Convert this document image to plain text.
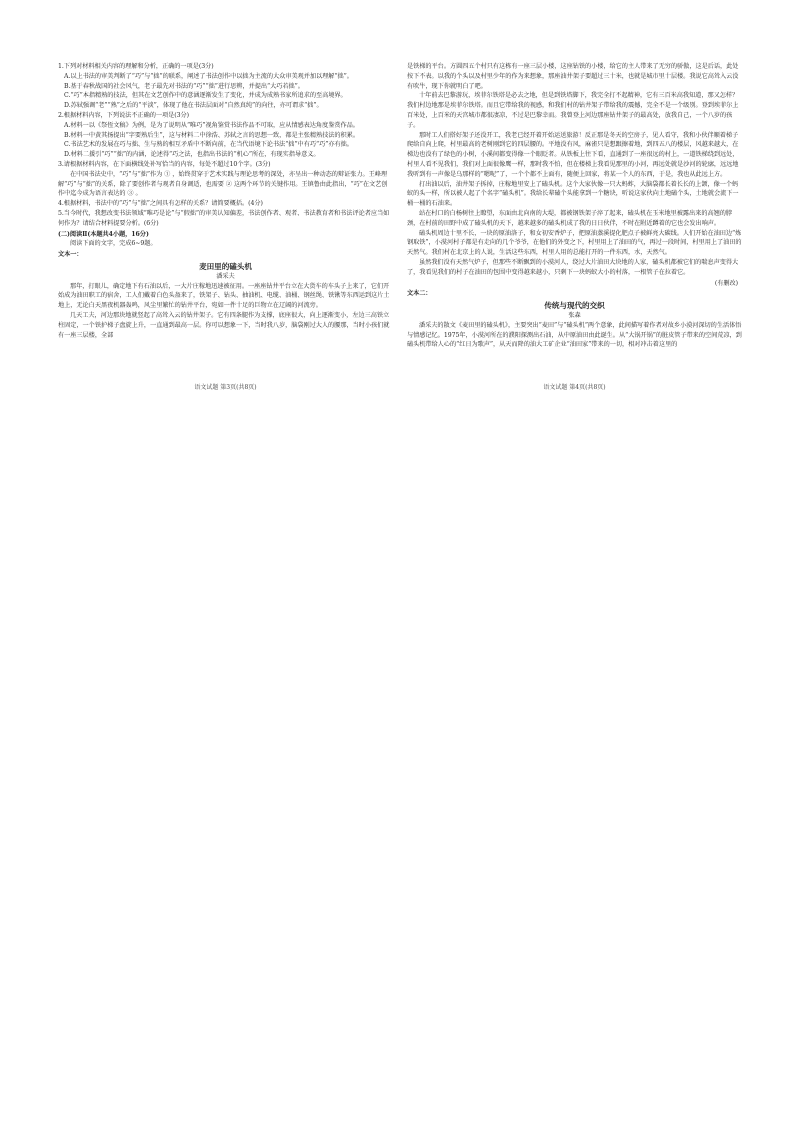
1.下列对材料相关内容的理解和分析，正确的一项是(3分)

A.以上书法的审美判断了“巧”与“拙”的联系，阐述了书法创作中以拙为主流的大众审美观并加以理解“拙”。

B.基于春秋战国的社会风气，老子最先对书法的“巧”“拙”进行思辨，并提出“大巧若拙”。

C.“巧”本指精熟的技法，但其在文艺创作中的意涵逐渐发生了变化，并成为成熟书家所追求的至高境界。

D.苏轼强调“老”“熟”之后的“平淡”，体现了他在书法层面对“自然真纯”的向往，亦可谓求“拙”。

2.根据材料内容，下列说法不正确的一项是(3分)

A.材料一以《祭侄文稿》为例，是为了说明从“唯巧”视角鉴赏书法作品不可取，应从情感表达角度鉴赏作品。

B.材料一中黄其扬提出“字要熟后生”，这与材料二中徐浩、苏轼之言的思想一致，都是主张精熟技法的积累。

C.书法艺术的发展在巧与拙、生与熟的相互矛盾中不断向前，在当代语境下论书法“拙”中有巧“巧”亦有拙。

D.材料二援引“巧”“拙”的内涵，论述得“巧之法，也指出书法的“机心”所在，有现实指导意义。

3.请根据材料内容，在下面横线处补写恰当的内容，每处不超过10个字。(3分)

在中国书法史中，“巧”与“拙”作为 ① ，始终贯穿于艺术实践与理论思考的深处，亦呈出一种动态的辩证张力。王峰理解“巧”与“拙”的关系，除了要创作者与观者自身调适，也需要 ② 这两个环节的关键作用。王镇鲁由此指出，“巧”在文艺创作中迄今成为语言表达的 ③ 。

4.根据材料，书法中的“巧”与“拙”之间具有怎样的关系？请简要概括。(4分)

5.当今时代，我想改变书法领域“唯巧是论”与“假拙”的审美认知偏差，书法创作者、观者、书法教育者和书法评论者应当如何作为？请结合材料提要分析。(6分)

(二)阅读Ⅱ(本题共4小题，16分)

阅读下面的文字，完成6~9题。

文本一：

麦田里的磕头机

潘采夫

那年，打眼儿，确定地下有石油以后，一大片庄稼地迅速被征用。一座座钻井平台立在大货车的车头子上来了，它们开始成为油田职工的宿舍，工人们戴着白色头盔来了，铁架子、钻头、抽油机、电缆、油桶、钢丝绳、铁锹等东西运到这片土地上，无论白天黑夜机器轰鸣，风尘里繁忙的钻井平台，宛如一件十足的巨物立在辽阔的河流旁。

几天工夫，河边那块地就竖起了高耸入云的钻井架子。它有四条腿作为支撑，底座很大，向上逐渐变小，左边三高铁立柱固定，一个铁护梯子盘旋上升，一直通到最高一层。你可以想象一下，当时我八岁，脑袋刚过大人的腰那，当时小孩们就有一座三层楼，全部

语文试题 第3页(共8页)

是铁梯的平台。方圆四五个村只有这栋有一座三层小楼，这座钻铁的小楼，给它的主人带来了无穷的骄傲，这是后话，此处按下不表。以我的个头以及村里少年的作为来想象，那座油井架子要超过三十米，也就是城市里十层楼。我说它高耸入云没有吹牛，现下你就明白了吧。

十年前去巴黎游玩，埃菲尔铁塔是必去之地，但是到铁塔脚下，我完全打不起精神，它有三百米高我知道，那又怎样？我们村边地那是埃菲尔铁塔。而且它带给我的视感，和我们村的钻井架子带给我的震撼，完全不是一个级别。登到埃菲尔上百米处，上百米的天宫城市都很凄凉，不过是巴黎幸而。我曾登上河边那座钻井架子的最高处，放我自己，一个八岁的孩子。

那时工人们搭好架子还没开工，我老已经开着开始运送旅游！反正那是冬天的空房子，见人看守，我和小伙伴顺着梯子爬给自向上爬，村里最高的老树刚到它的四层腰的。平地没有风，麻雀只是想跟擦着地，到四五八的楼层，风越来越大，在梯边也没有了绿色的小树，小溪间都变得像一个眼眨者。从铁板上往下看，直通到了一座很远的村上，一道铁梯绕到远处，村里人看不见我们，我们对上面很像鹰一样，那时我不怕，但在楼梯上我看见那里的小河，再远处就是沙河的轮廓，远远地我听到有一声像是乌那样的“嗯呢”了，一个个都不上面有，随便上回家，将某一个人的东西，于是，我也从此远上方。

打出油以后，油井架子拆掉，庄稼地里安上了磕头机。这个大家伙像一只大蚂蚱，大脑袋都长着长长的上颌，像一个蚂蚁的头一样，所以被人起了个名字“磕头机”。我给长辈磕个头能拿到一个糖块，听说这家伙向土地磕个头，土地就会流下一桶一桶的石油来。

站在村口的白杨树往上瞭望，东面由北向南的大堤，都被钢铁架子淬了起来，磕头机在玉米地里被露出来的高翘的脖颈，在村前的田野中成了磕头机的天下，越来越多的磕头机成了我的日日伙伴，不时在附近蹲着的它也会发出响声。

磕头机周边十里不长，一块的原油洛子，和女初安香炉子，把原油蒸溪提化肥点子被鲜亮大碳线。人们开始在油田边“炼钢取铁”，小漠河村子都是有走向的几个爷爷，在他们的外变之下，村里用上了油田的气，再过一段时间，村里用上了油田的天然气。我们村在北京上的人说，生活这些东西，村里人用的总能打开的一件东西，水，天然气。

虽然我们没有天然气炉子，但那些不断飘到的小漠河人，绕过大片油田大块地的人家，磕头机都被它们的喘息声变得大了，我看见我们的村子在油田的包围中变得越来越小，只剩下一块蚂蚁大小的村落，一根管子在拉着它。

(有删改)

文本二：

传统与现代的交织

张森

潘采夫的散文《麦田里的磕头机》，主要突出“麦田”与“磕头机”两个意象，此间描写着作者对故乡小漠河深切的生活体悟与情感记忆。1975年，小漠河所在的濮阳探测出石油，从中原油田由此诞生。从“大锅开锅”的脏皮管子带来的空间荒凉，到磕头机带给人心的“红日为歌声”，从天而降的油大工矿企业“油田家”带来的一切，相对冲击着这里的

语文试题 第4页(共8页)
